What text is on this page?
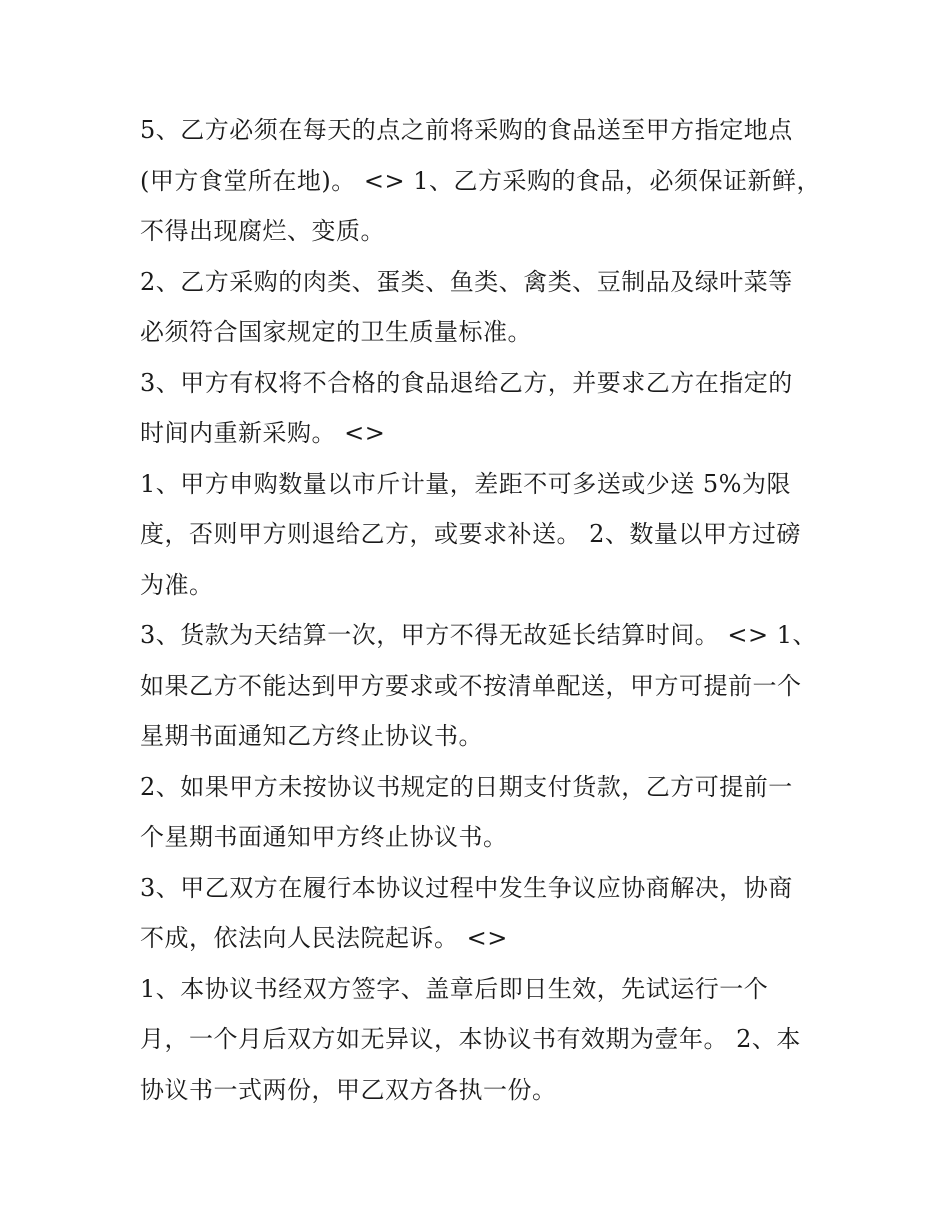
5、乙方必须在每天的点之前将采购的食品送至甲方指定地点
(甲方食堂所在地)。 <> 1、乙方采购的食品，必须保证新鲜，
不得出现腐烂、变质。
2、乙方采购的肉类、蛋类、鱼类、禽类、豆制品及绿叶菜等
必须符合国家规定的卫生质量标准。
3、甲方有权将不合格的食品退给乙方，并要求乙方在指定的
时间内重新采购。 <>
1、甲方申购数量以市斤计量，差距不可多送或少送 5%为限
度，否则甲方则退给乙方，或要求补送。 2、数量以甲方过磅
为准。
3、货款为天结算一次，甲方不得无故延长结算时间。 <> 1、
如果乙方不能达到甲方要求或不按清单配送，甲方可提前一个
星期书面通知乙方终止协议书。
2、如果甲方未按协议书规定的日期支付货款，乙方可提前一
个星期书面通知甲方终止协议书。
3、甲乙双方在履行本协议过程中发生争议应协商解决，协商
不成，依法向人民法院起诉。 <>
1、本协议书经双方签字、盖章后即日生效，先试运行一个
月，一个月后双方如无异议，本协议书有效期为壹年。 2、本
协议书一式两份，甲乙双方各执一份。
